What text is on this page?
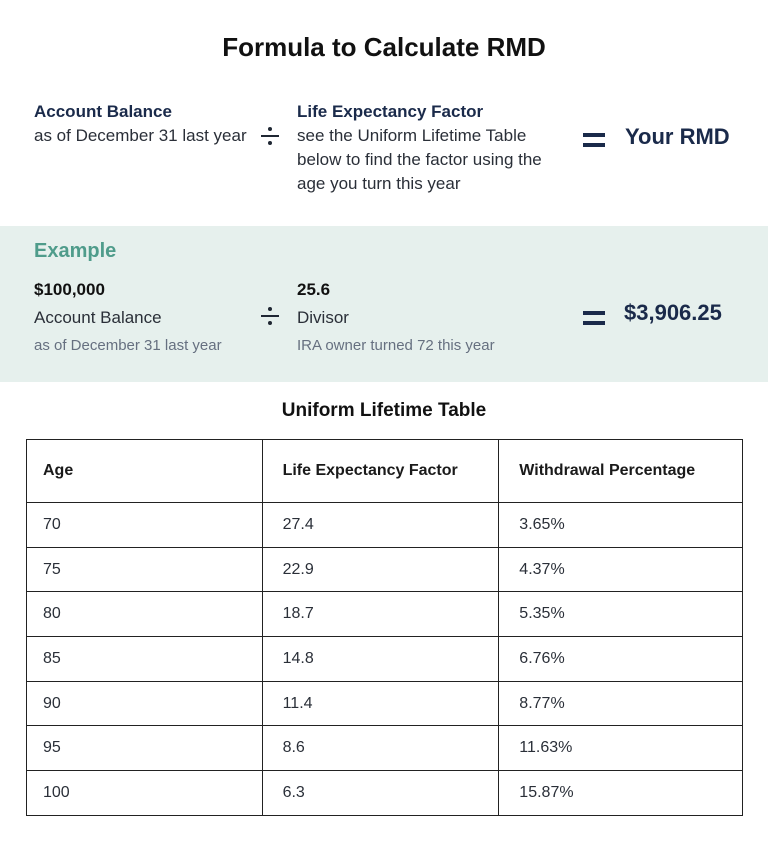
Formula to Calculate RMD
Account Balance
as of December 31 last year
Life Expectancy Factor
see the Uniform Lifetime Table below to find the factor using the age you turn this year
Your RMD
Example
$100,000
Account Balance
as of December 31 last year
25.6
Divisor
IRA owner turned 72 this year
$3,906.25
Uniform Lifetime Table
Age	Life Expectancy Factor	Withdrawal Percentage
70	27.4	3.65%
75	22.9	4.37%
80	18.7	5.35%
85	14.8	6.76%
90	11.4	8.77%
95	8.6	11.63%
100	6.3	15.87%
